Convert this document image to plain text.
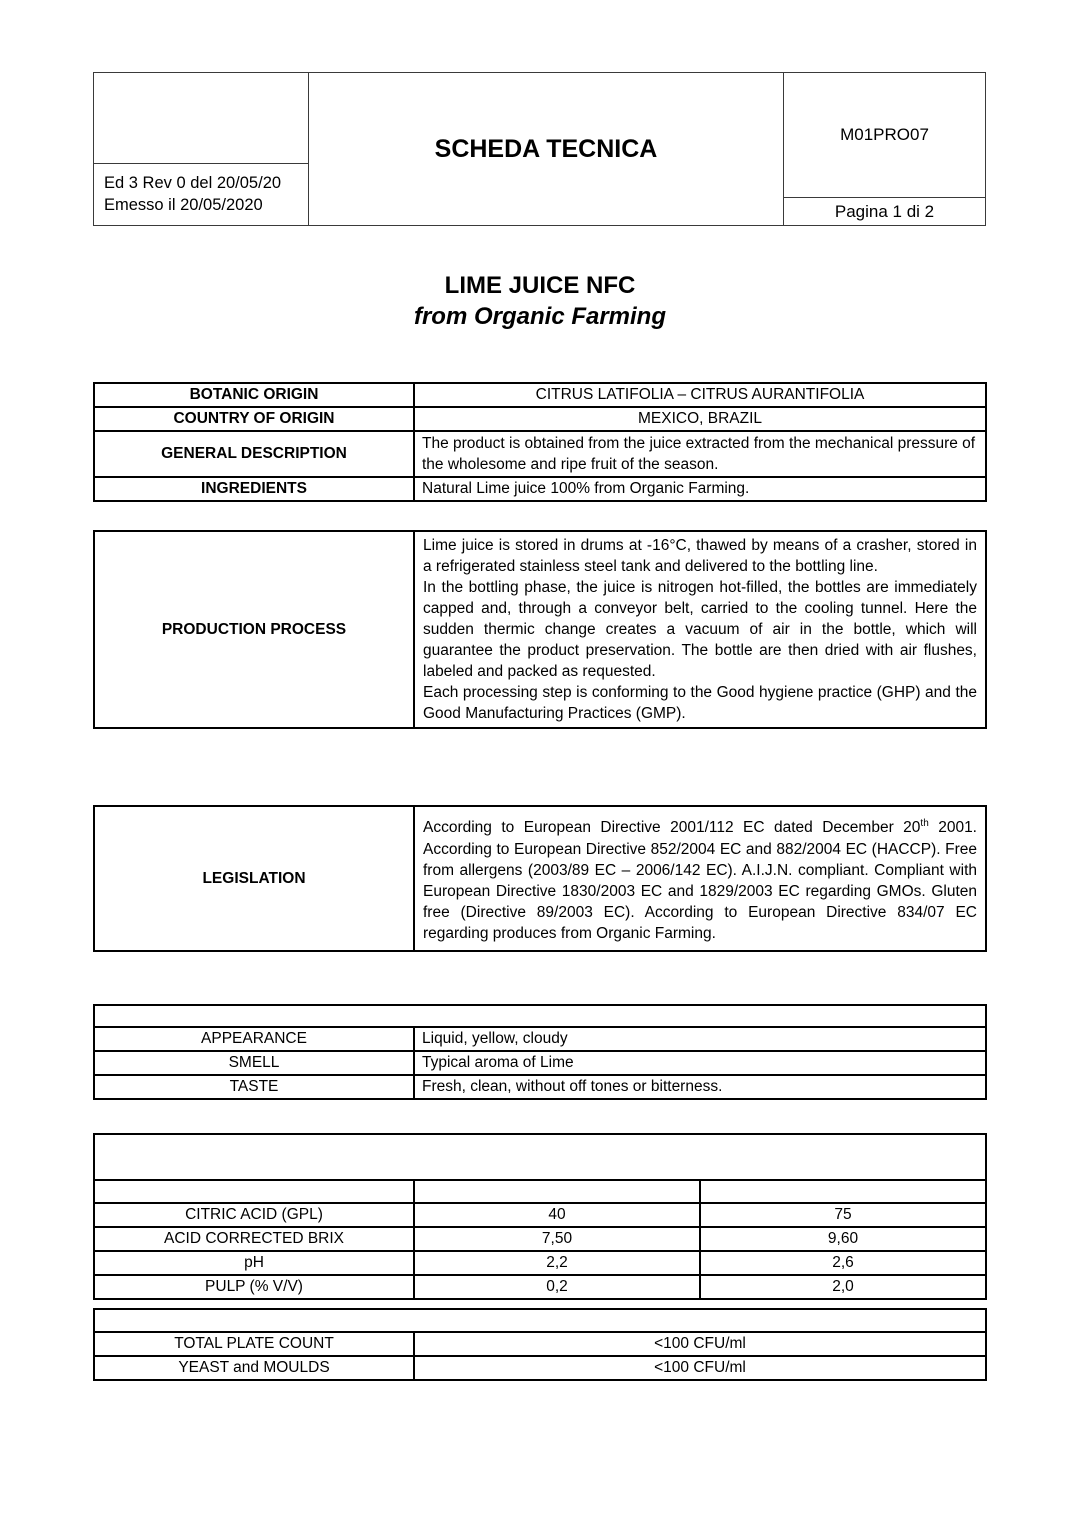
	SCHEDA TECNICA	M01PRO07

Ed 3 Rev 0 del 20/05/20
Emesso il 20/05/2020

Pagina 1 di 2
LIME JUICE NFC
from Organic Farming
BOTANIC ORIGIN	CITRUS LATIFOLIA – CITRUS AURANTIFOLIA
COUNTRY OF ORIGIN	MEXICO, BRAZIL
GENERAL DESCRIPTION	The product is obtained from the juice extracted from the mechanical pressure of the wholesome and ripe fruit of the season.
INGREDIENTS	Natural Lime juice 100% from Organic Farming.
PRODUCTION PROCESS	

Lime juice is stored in drums at -16°C, thawed by means of a crasher, stored in a refrigerated stainless steel tank and delivered to the bottling line.

In the bottling phase, the juice is nitrogen hot-filled, the bottles are immediately capped and, through a conveyor belt, carried to the cooling tunnel. Here the sudden thermic change creates a vacuum of air in the bottle, which will guarantee the product preservation. The bottle are then dried with air flushes, labeled and packed as requested.

Each processing step is conforming to the Good hygiene practice (GHP) and the Good Manufacturing Practices (GMP).

LEGISLATION	According to European Directive 2001/112 EC dated December 20th 2001. According to European Directive 852/2004 EC and 882/2004 EC (HACCP). Free from allergens (2003/89 EC – 2006/142 EC). A.I.J.N. compliant. Compliant with European Directive 1830/2003 EC and 1829/2003 EC regarding GMOs. Gluten free (Directive 89/2003 EC). According to European Directive 834/07 EC regarding produces from Organic Farming.
ORGANOLEPTIC PARAMETERS	
APPEARANCE	Liquid, yellow, cloudy
SMELL	Typical aroma of Lime
TASTE	Fresh, clean, without off tones or bitterness.
ANALITICAL PARAMETERS		
	Min	Max
CITRIC ACID (GPL)	40	75
ACID CORRECTED BRIX	7,50	9,60
pH	2,2	2,6
PULP (% V/V)	0,2	2,0
MICROBIOLOGICAL PARAMETERS	
TOTAL PLATE COUNT	<100 CFU/ml
YEAST and MOULDS	<100 CFU/ml
